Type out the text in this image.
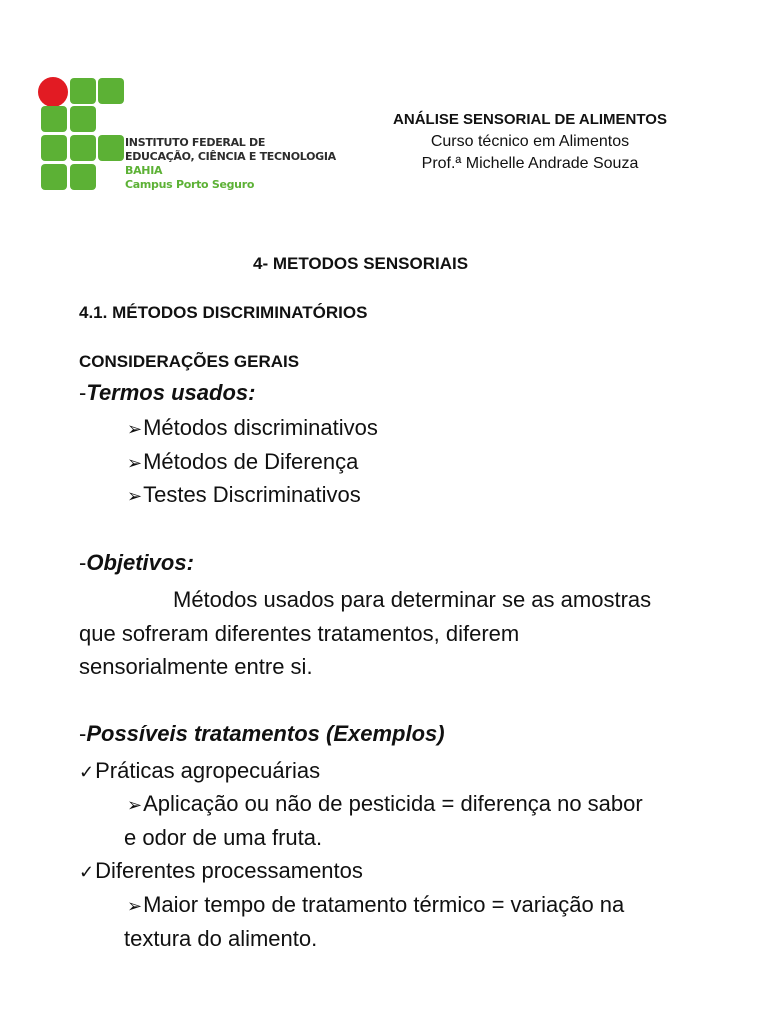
INSTITUTO FEDERAL DE
EDUCAÇÃO, CIÊNCIA E TECNOLOGIA
BAHIA
Campus Porto Seguro
ANÁLISE SENSORIAL DE ALIMENTOS
Curso técnico em Alimentos
Prof.ª Michelle Andrade Souza
4- METODOS SENSORIAIS
4.1. MÉTODOS DISCRIMINATÓRIOS
CONSIDERAÇÕES GERAIS
-Termos usados:
➢Métodos discriminativos
➢Métodos de Diferença
➢Testes Discriminativos
-Objetivos:
Métodos usados para determinar se as amostras
que sofreram diferentes tratamentos, diferem
sensorialmente entre si.
-Possíveis tratamentos (Exemplos)
✓Práticas agropecuárias
➢Aplicação ou não de pesticida = diferença no sabor
e odor de uma fruta.
✓Diferentes processamentos
➢Maior tempo de tratamento térmico = variação na
textura do alimento.
